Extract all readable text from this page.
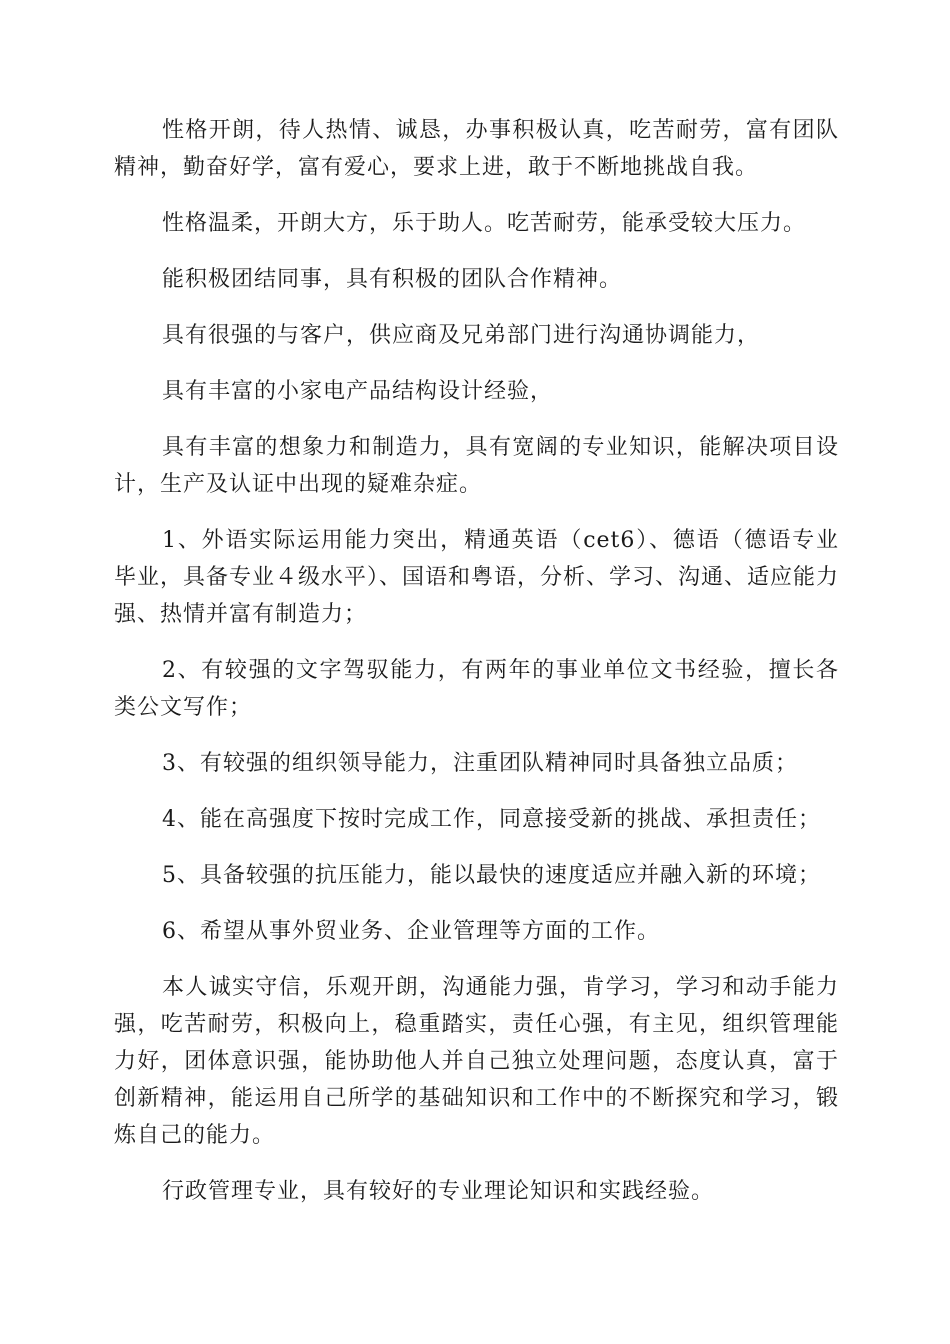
性格开朗，待人热情、诚恳，办事积极认真，吃苦耐劳，富有团队精神，勤奋好学，富有爱心，要求上进，敢于不断地挑战自我。

性格温柔，开朗大方，乐于助人。吃苦耐劳，能承受较大压力。

能积极团结同事，具有积极的团队合作精神。

具有很强的与客户，供应商及兄弟部门进行沟通协调能力，

具有丰富的小家电产品结构设计经验，

具有丰富的想象力和制造力，具有宽阔的专业知识，能解决项目设计，生产及认证中出现的疑难杂症。

1、外语实际运用能力突出，精通英语（cet6）、德语（德语专业毕业，具备专业４级水平）、国语和粤语，分析、学习、沟通、适应能力强、热情并富有制造力；

2、有较强的文字驾驭能力，有两年的事业单位文书经验，擅长各类公文写作；

3、有较强的组织领导能力，注重团队精神同时具备独立品质；

4、能在高强度下按时完成工作，同意接受新的挑战、承担责任；

5、具备较强的抗压能力，能以最快的速度适应并融入新的环境；

6、希望从事外贸业务、企业管理等方面的工作。

本人诚实守信，乐观开朗，沟通能力强，肯学习，学习和动手能力强，吃苦耐劳，积极向上，稳重踏实，责任心强，有主见，组织管理能力好，团体意识强，能协助他人并自己独立处理问题，态度认真，富于创新精神，能运用自己所学的基础知识和工作中的不断探究和学习，锻炼自己的能力。

行政管理专业，具有较好的专业理论知识和实践经验。
